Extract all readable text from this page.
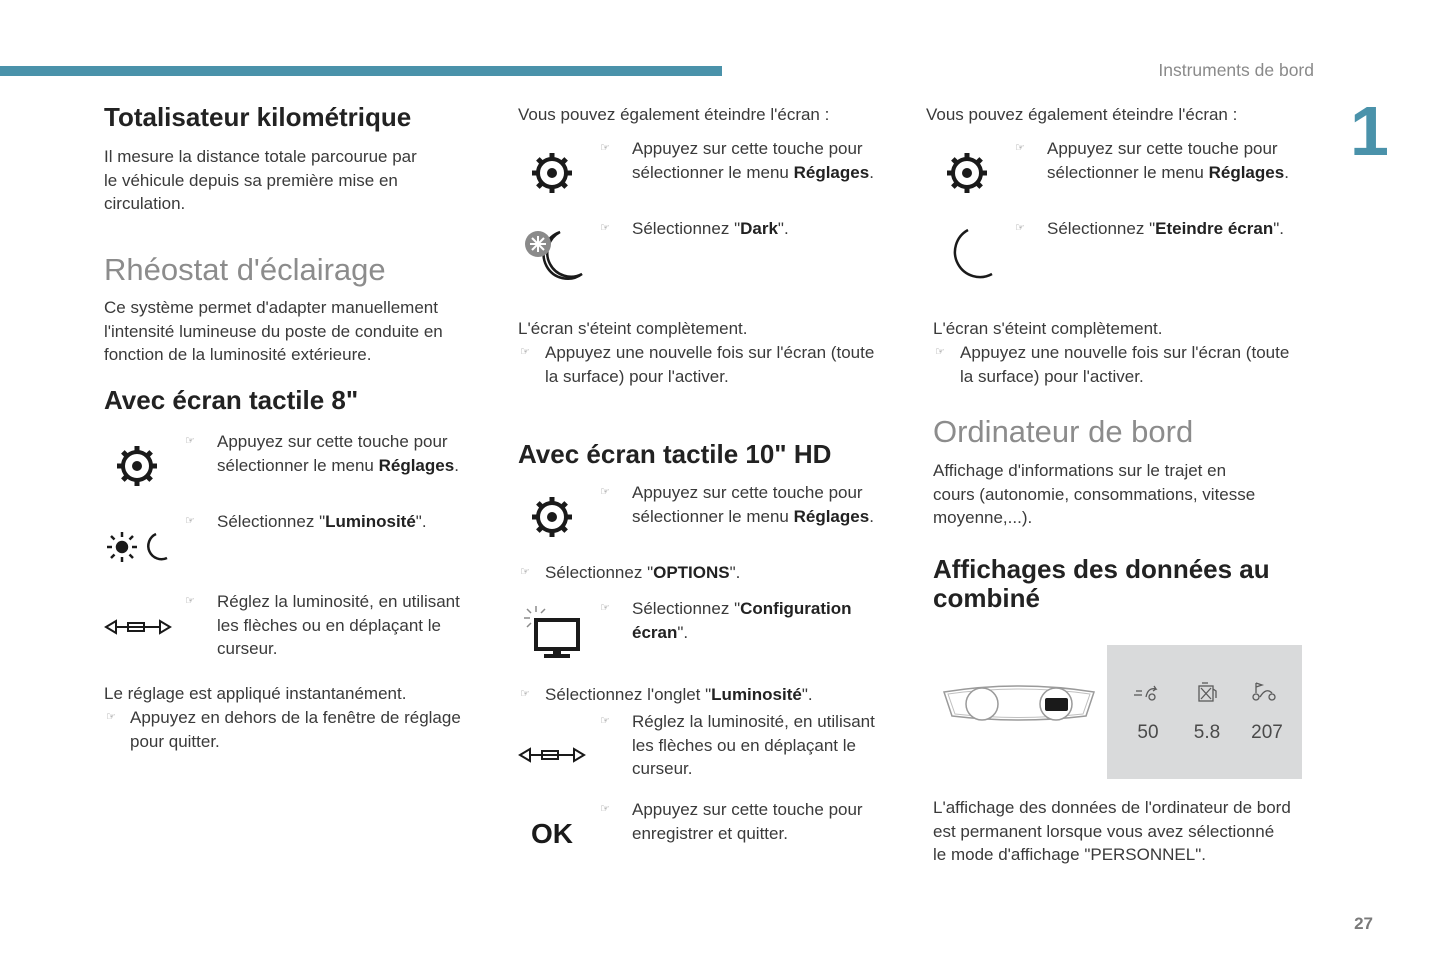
Instruments de bord
1
27
Totalisateur kilométrique
Il mesure la distance totale parcourue par
le véhicule depuis sa première mise en
circulation.
Rhéostat d'éclairage
Ce système permet d'adapter manuellement
l'intensité lumineuse du poste de conduite en
fonction de la luminosité extérieure.
Avec écran tactile 8"
☞ Appuyez sur cette touche pour
sélectionner le menu Réglages.
☞ Sélectionnez "Luminosité".
☞ Réglez la luminosité, en utilisant
les flèches ou en déplaçant le
curseur.
Le réglage est appliqué instantanément.
☞ Appuyez en dehors de la fenêtre de réglage
pour quitter.
Vous pouvez également éteindre l'écran :
☞ Appuyez sur cette touche pour
sélectionner le menu Réglages.
☞ Sélectionnez "Dark".
L'écran s'éteint complètement.
☞ Appuyez une nouvelle fois sur l'écran (toute
la surface) pour l'activer.
Avec écran tactile 10" HD
☞ Appuyez sur cette touche pour
sélectionner le menu Réglages.
☞ Sélectionnez "OPTIONS".
☞ Sélectionnez "Configuration
écran".
☞ Sélectionnez l'onglet "Luminosité".
☞ Réglez la luminosité, en utilisant
les flèches ou en déplaçant le
curseur.
OK
☞ Appuyez sur cette touche pour
enregistrer et quitter.
Vous pouvez également éteindre l'écran :
☞ Appuyez sur cette touche pour
sélectionner le menu Réglages.
☞ Sélectionnez "Eteindre écran".
L'écran s'éteint complètement.
☞ Appuyez une nouvelle fois sur l'écran (toute
la surface) pour l'activer.
Ordinateur de bord
Affichage d'informations sur le trajet en
cours (autonomie, consommations, vitesse
moyenne,...).
Affichages des données au
combiné
50	5.8	207
L'affichage des données de l'ordinateur de bord
est permanent lorsque vous avez sélectionné
le mode d'affichage "PERSONNEL".
